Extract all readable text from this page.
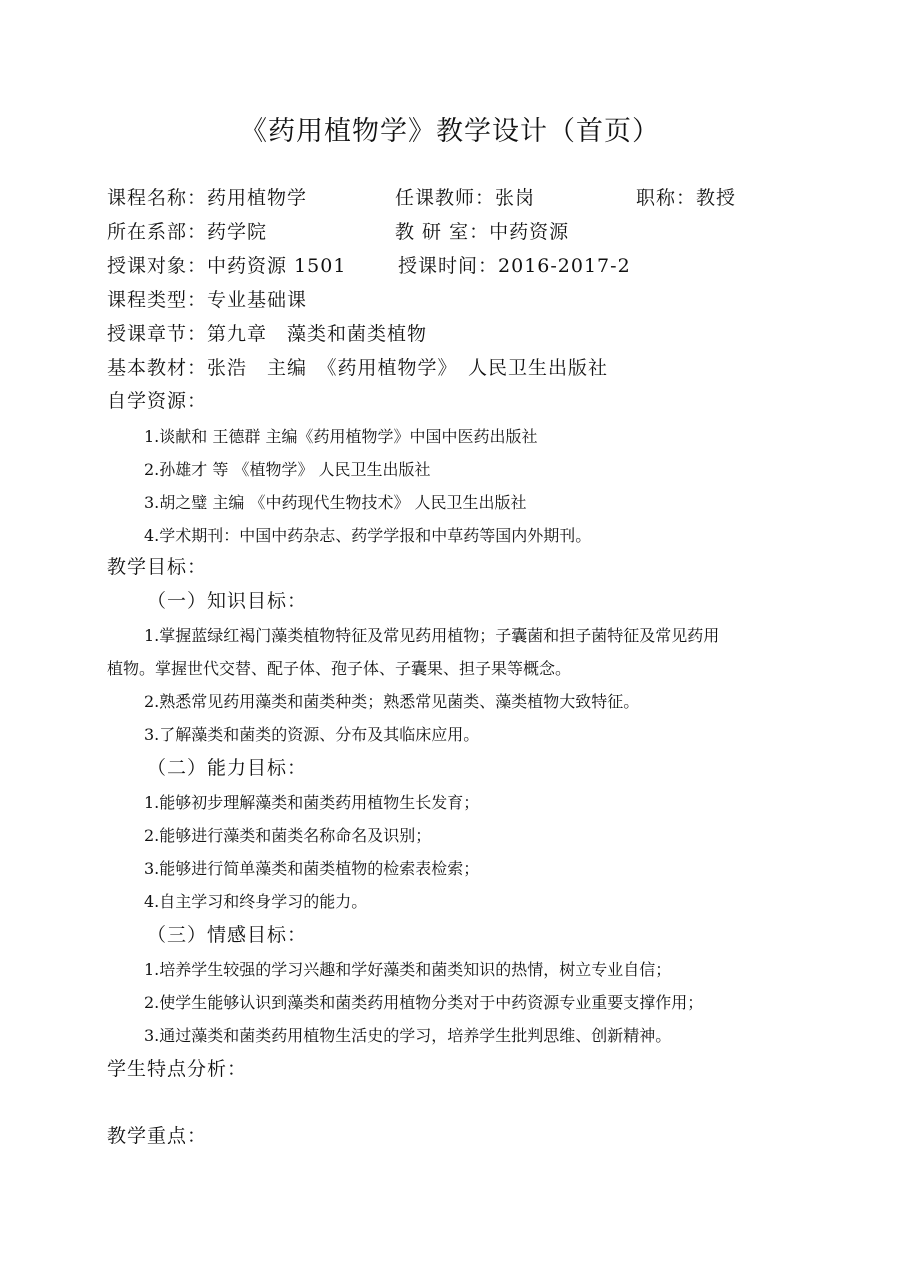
《药用植物学》教学设计（首页）
课程名称：药用植物学	任课教师：张岗	职称：教授
所在系部：药学院	教 研 室：中药资源
授课对象：中药资源 1501	授课时间：2016-2017-2
课程类型：专业基础课
授课章节：第九章　藻类和菌类植物
基本教材：张浩　主编　《药用植物学》　人民卫生出版社
自学资源：
1.谈献和 王德群 主编《药用植物学》中国中医药出版社
2.孙雄才 等 《植物学》 人民卫生出版社
3.胡之璧 主编 《中药现代生物技术》 人民卫生出版社
4.学术期刊：中国中药杂志、药学学报和中草药等国内外期刊。
教学目标：
（一）知识目标：
1.掌握蓝绿红褐门藻类植物特征及常见药用植物；子囊菌和担子菌特征及常见药用
植物。掌握世代交替、配子体、孢子体、子囊果、担子果等概念。
2.熟悉常见药用藻类和菌类种类；熟悉常见菌类、藻类植物大致特征。
3.了解藻类和菌类的资源、分布及其临床应用。
（二）能力目标：
1.能够初步理解藻类和菌类药用植物生长发育；
2.能够进行藻类和菌类名称命名及识别；
3.能够进行简单藻类和菌类植物的检索表检索；
4.自主学习和终身学习的能力。
（三）情感目标：
1.培养学生较强的学习兴趣和学好藻类和菌类知识的热情，树立专业自信；
2.使学生能够认识到藻类和菌类药用植物分类对于中药资源专业重要支撑作用；
3.通过藻类和菌类药用植物生活史的学习，培养学生批判思维、创新精神。
学生特点分析：
教学重点：
